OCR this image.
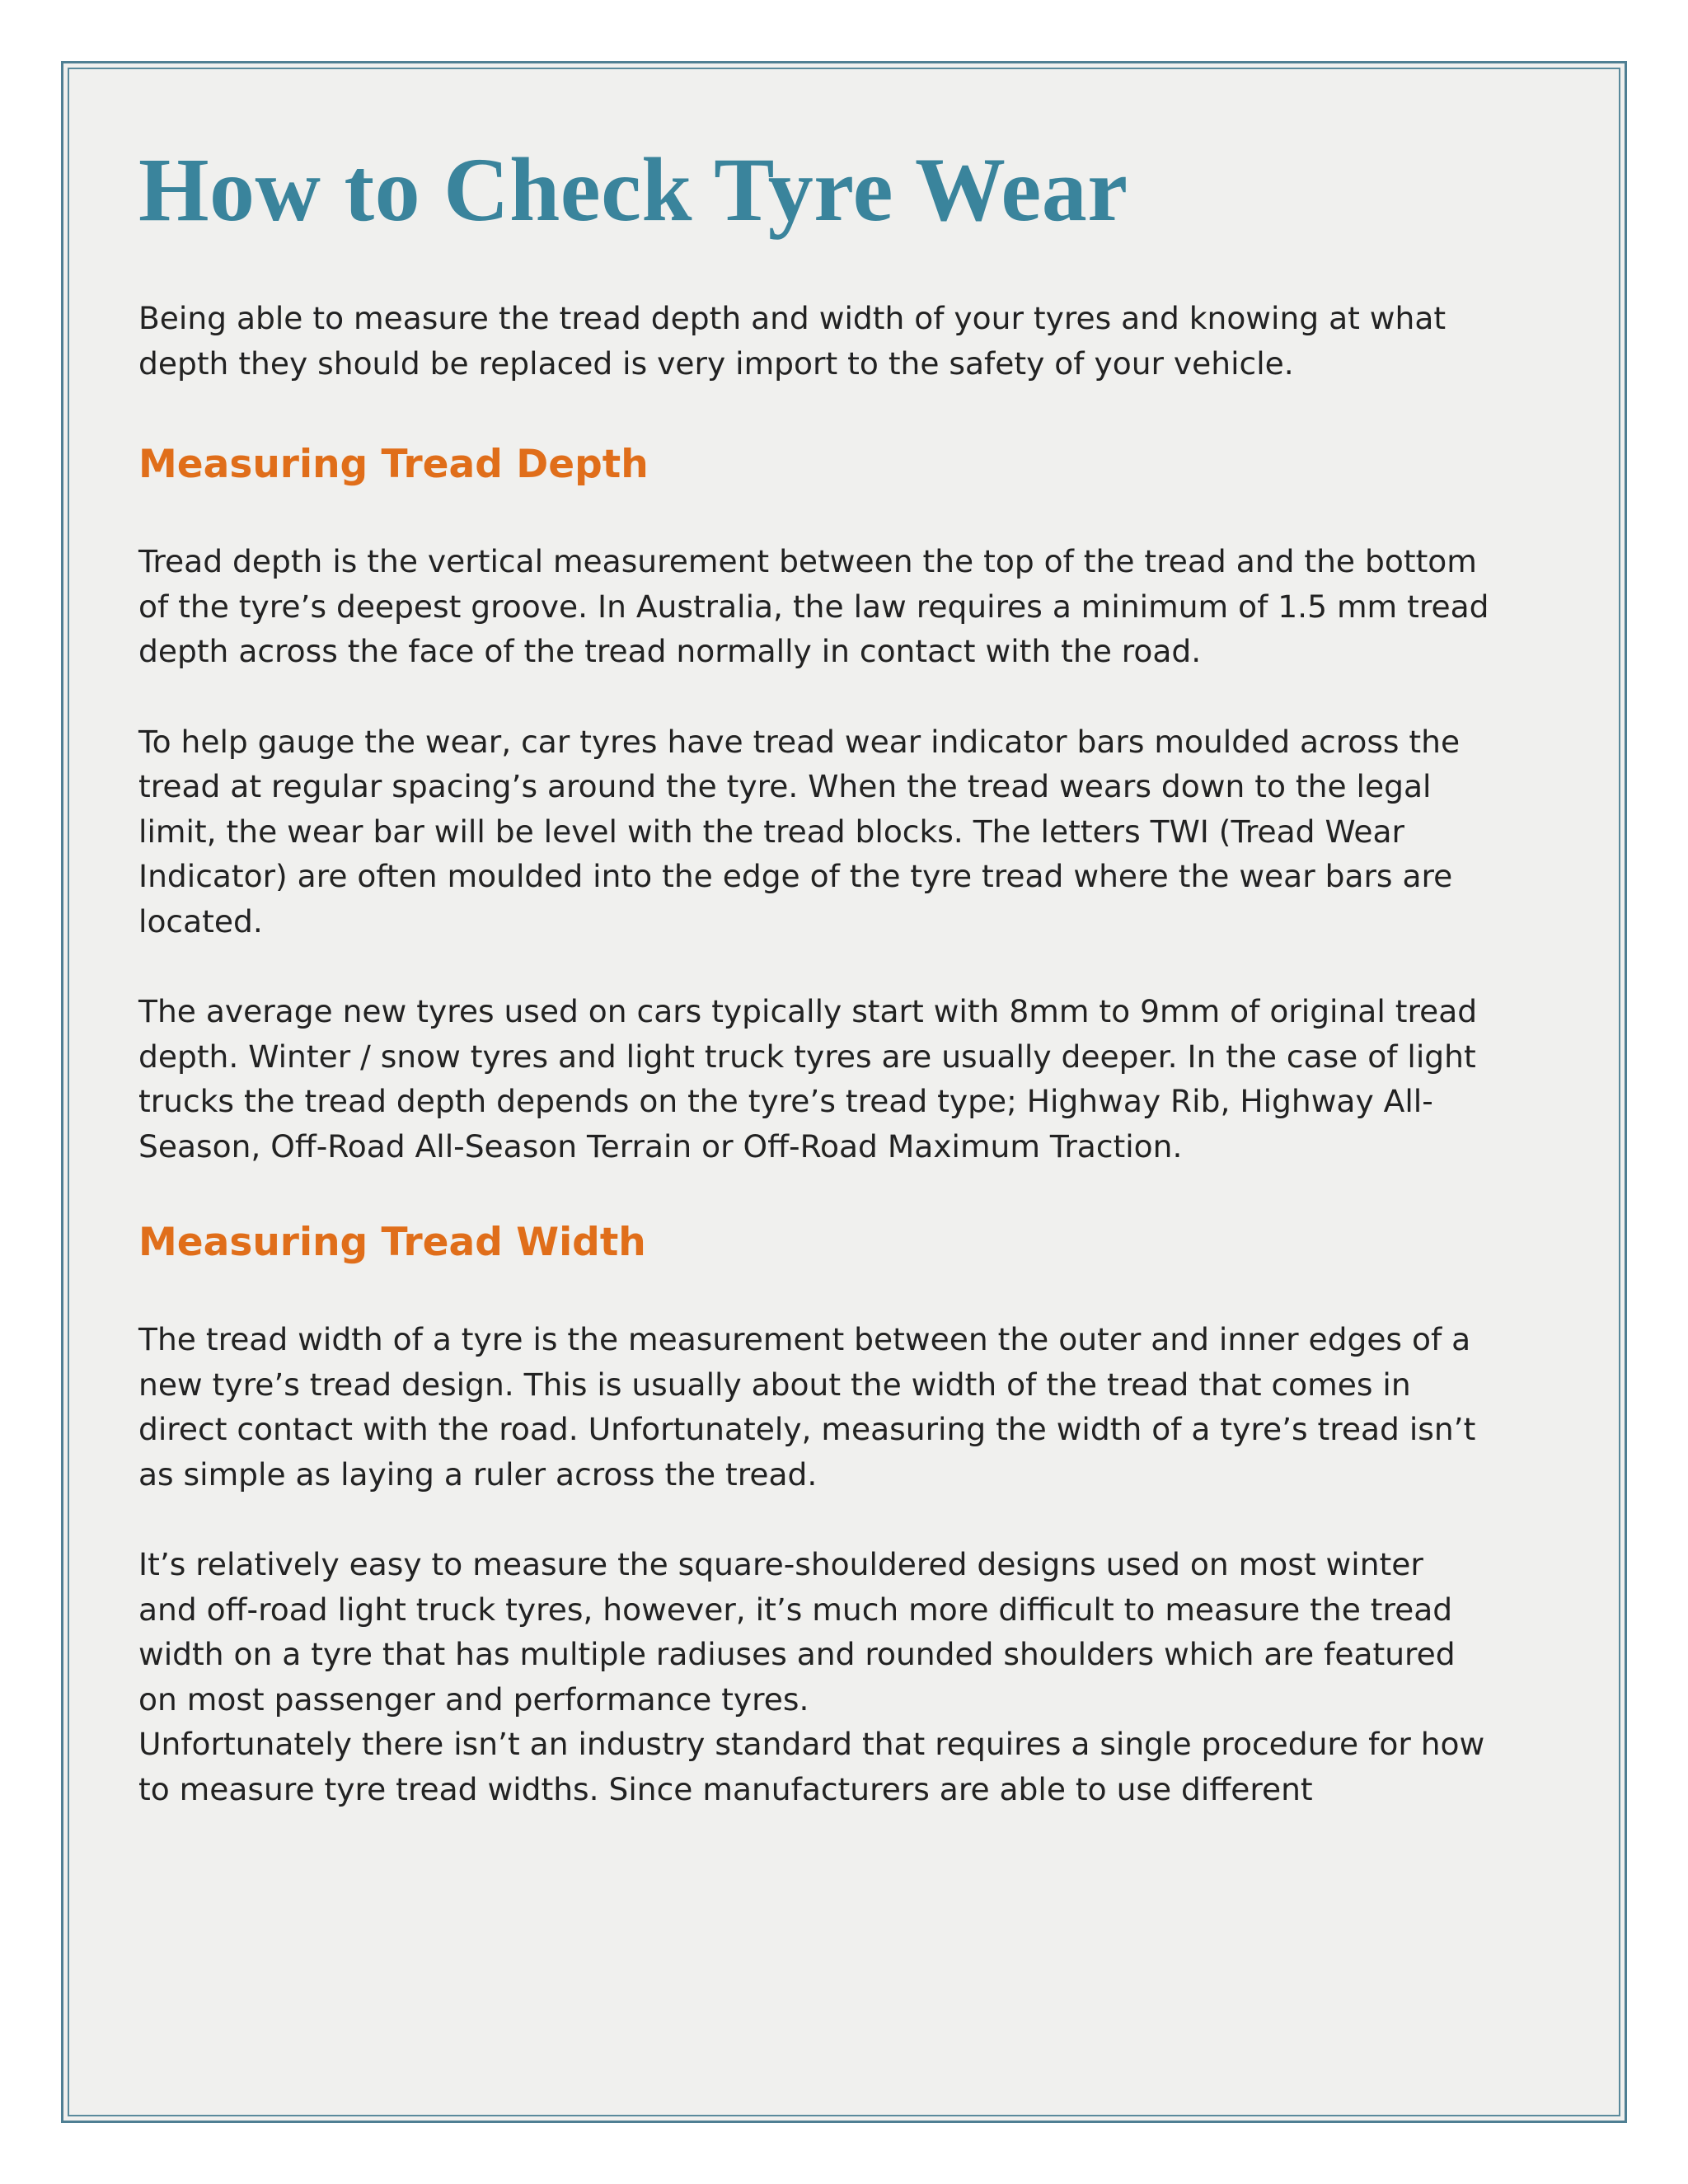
How to Check Tyre Wear

Being able to measure the tread depth and width of your tyres and knowing at what depth they should be replaced is very import to the safety of your vehicle.

Measuring Tread Depth

Tread depth is the vertical measurement between the top of the tread and the bottom of the tyre’s deepest groove. In Australia, the law requires a minimum of 1.5 mm tread depth across the face of the tread normally in contact with the road.

To help gauge the wear, car tyres have tread wear indicator bars moulded across the tread at regular spacing’s around the tyre. When the tread wears down to the legal limit, the wear bar will be level with the tread blocks. The letters TWI (Tread Wear Indicator) are often moulded into the edge of the tyre tread where the wear bars are located.

The average new tyres used on cars typically start with 8mm to 9mm of original tread depth. Winter / snow tyres and light truck tyres are usually deeper. In the case of light trucks the tread depth depends on the tyre’s tread type; Highway Rib, Highway All-Season, Off-Road All-Season Terrain or Off-Road Maximum Traction.

Measuring Tread Width

The tread width of a tyre is the measurement between the outer and inner edges of a new tyre’s tread design. This is usually about the width of the tread that comes in direct contact with the road. Unfortunately, measuring the width of a tyre’s tread isn’t as simple as laying a ruler across the tread.

It’s relatively easy to measure the square-shouldered designs used on most winter and off-road light truck tyres, however, it’s much more difficult to measure the tread width on a tyre that has multiple radiuses and rounded shoulders which are featured on most passenger and performance tyres.

Unfortunately there isn’t an industry standard that requires a single procedure for how to measure tyre tread widths. Since manufacturers are able to use different
